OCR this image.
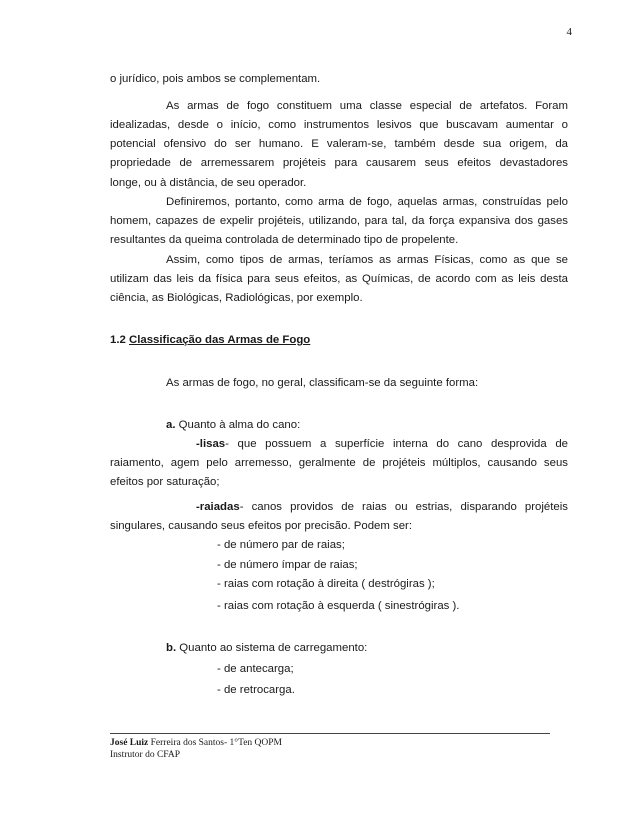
4
o jurídico, pois ambos se complementam.
As armas de fogo constituem uma classe especial de artefatos. Foram
idealizadas, desde o início, como instrumentos lesivos que buscavam aumentar o
potencial ofensivo do ser humano. E valeram-se, também desde sua origem, da
propriedade de arremessarem projéteis para causarem seus efeitos devastadores
longe, ou à distância, de seu operador.
Definiremos, portanto, como arma de fogo, aquelas armas, construídas pelo
homem, capazes de expelir projéteis, utilizando, para tal, da força expansiva dos gases
resultantes da queima controlada de determinado tipo de propelente.
Assim, como tipos de armas, teríamos as armas Físicas, como as que se
utilizam das leis da física para seus efeitos, as Químicas, de acordo com as leis desta
ciência, as Biológicas, Radiológicas, por exemplo.
1.2 Classificação das Armas de Fogo
As armas de fogo, no geral, classificam-se da seguinte forma:
a. Quanto à alma do cano:
-lisas- que possuem a superfície interna do cano desprovida de
raiamento, agem pelo arremesso, geralmente de projéteis múltiplos, causando seus
efeitos por saturação;
-raiadas- canos providos de raias ou estrias, disparando projéteis
singulares, causando seus efeitos por precisão. Podem ser:
- de número par de raias;
- de número ímpar de raias;
- raias com rotação à direita ( destrógiras );
- raias com rotação à esquerda ( sinestrógiras ).
b. Quanto ao sistema de carregamento:
- de antecarga;
- de retrocarga.
José Luiz Ferreira dos Santos- 1°Ten QOPM
Instrutor do CFAP
